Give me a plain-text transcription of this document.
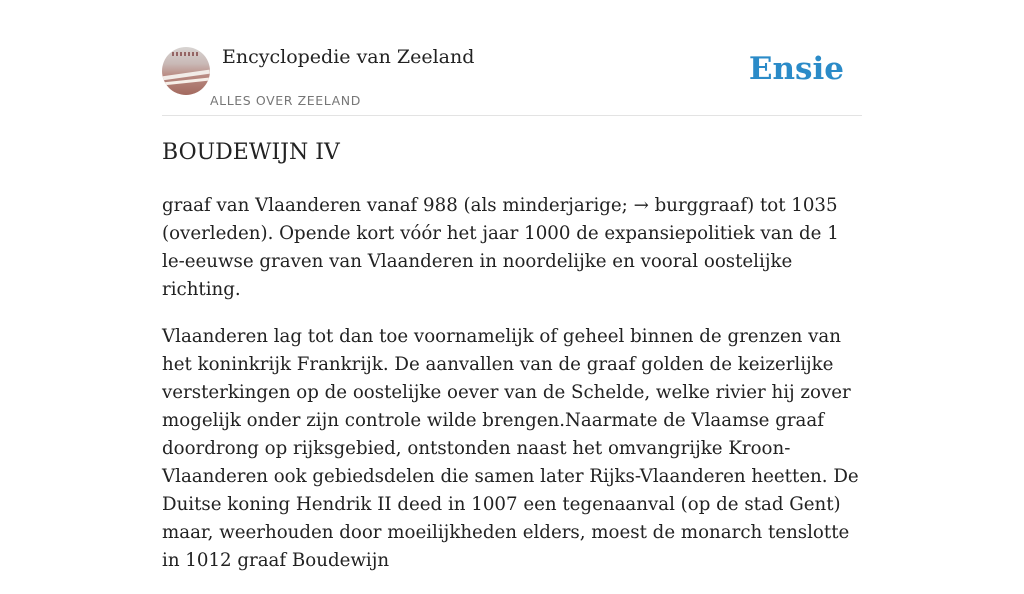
Encyclopedie van Zeeland
ALLES OVER ZEELAND
Ensie
BOUDEWIJN IV

graaf van Vlaanderen vanaf 988 (als minderjarige; → burggraaf) tot 1035 (overleden). Opende kort vóór het jaar 1000 de expansiepolitiek van de 1 le-eeuwse graven van Vlaanderen in noordelijke en vooral oostelijke richting.

Vlaanderen lag tot dan toe voornamelijk of geheel binnen de grenzen van het koninkrijk Frankrijk. De aanvallen van de graaf golden de keizerlijke versterkingen op de oostelijke oever van de Schelde, welke rivier hij zover mogelijk onder zijn controle wilde brengen.Naarmate de Vlaamse graaf doordrong op rijksgebied, ontstonden naast het omvangrijke Kroon-Vlaanderen ook gebiedsdelen die samen later Rijks-Vlaanderen heetten. De Duitse koning Hendrik II deed in 1007 een tegenaanval (op de stad Gent) maar, weerhouden door moeilijkheden elders, moest de monarch tenslotte in 1012 graaf Boudewijn
